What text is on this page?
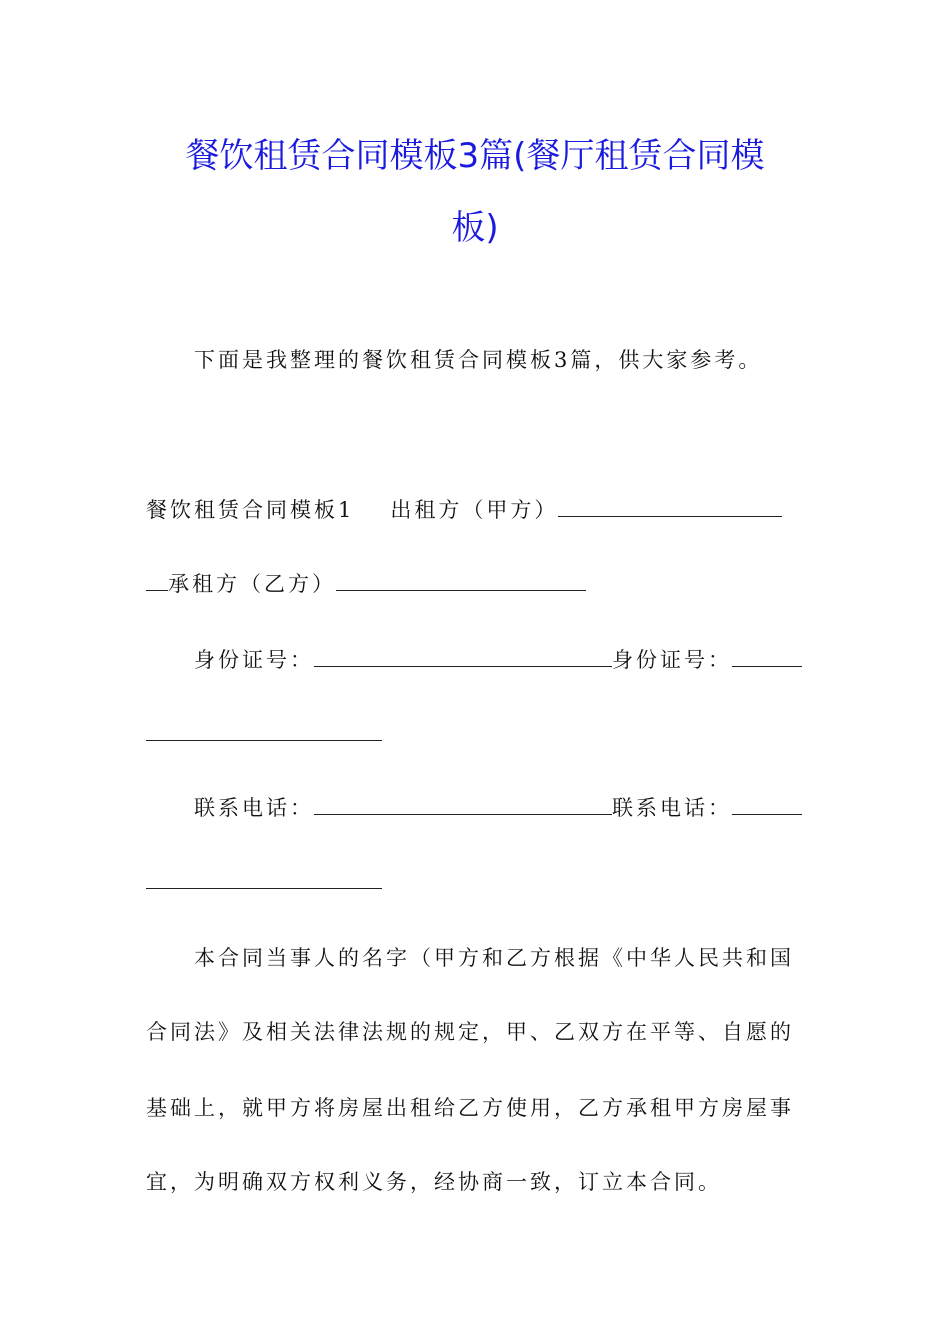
餐饮租赁合同模板3篇(餐厅租赁合同模
板)
下面是我整理的餐饮租赁合同模板3篇，供大家参考。
餐饮租赁合同模板1 出租方（甲方）
承租方（乙方）
身份证号：	身份证号：
联系电话：	联系电话：
本合同当事人的名字（甲方和乙方根据《中华人民共和国
合同法》及相关法律法规的规定，甲、乙双方在平等、自愿的
基础上，就甲方将房屋出租给乙方使用，乙方承租甲方房屋事
宜，为明确双方权利义务，经协商一致，订立本合同。
